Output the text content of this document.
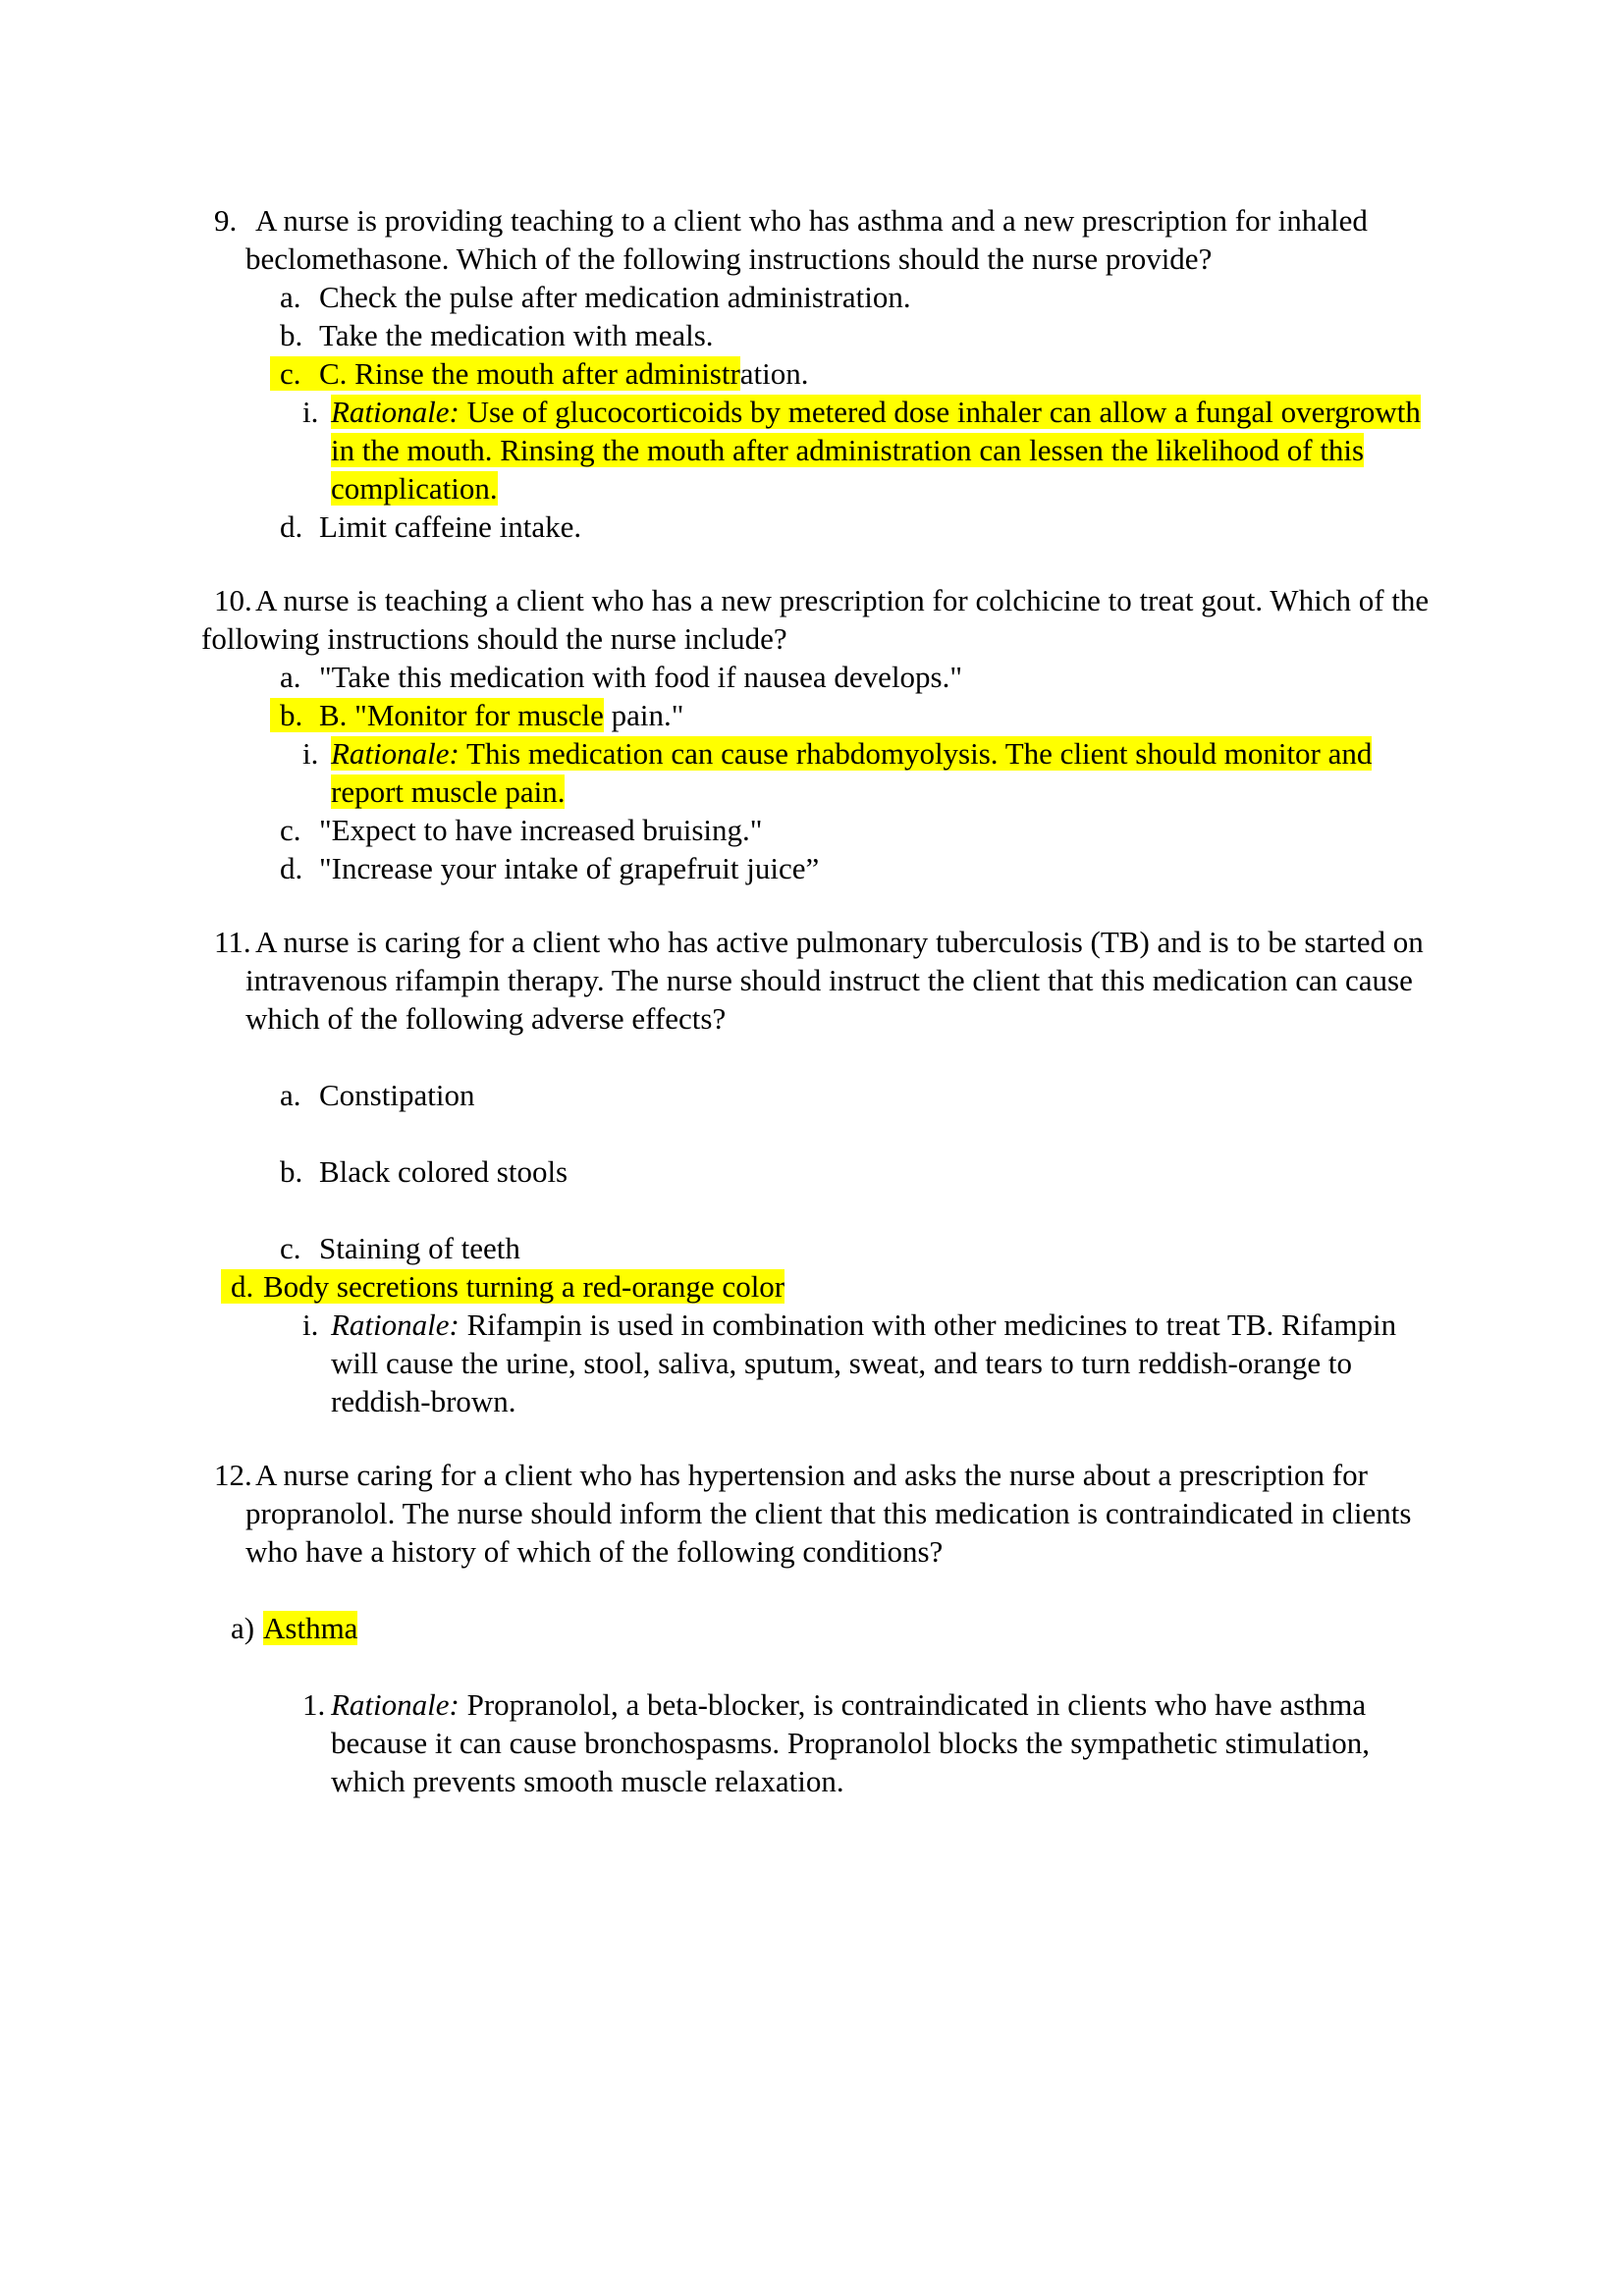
9. A nurse is providing teaching to a client who has asthma and a new prescription for inhaled beclomethasone. Which of the following instructions should the nurse provide?

a. Check the pulse after medication administration.

b. Take the medication with meals.

c. C. Rinse the mouth after administration.

i. Rationale: Use of glucocorticoids by metered dose inhaler can allow a fungal overgrowth in the mouth. Rinsing the mouth after administration can lessen the likelihood of this complication.

d. Limit caffeine intake.

10. A nurse is teaching a client who has a new prescription for colchicine to treat gout. Which of the following instructions should the nurse include?

a. "Take this medication with food if nausea develops."

b. B. "Monitor for muscle pain."

i. Rationale: This medication can cause rhabdomyolysis. The client should monitor and report muscle pain.

c. "Expect to have increased bruising."

d. "Increase your intake of grapefruit juice”

11. A nurse is caring for a client who has active pulmonary tuberculosis (TB) and is to be started on intravenous rifampin therapy. The nurse should instruct the client that this medication can cause which of the following adverse effects?

a. Constipation

b. Black colored stools

c. Staining of teeth

d. Body secretions turning a red-orange color

i. Rationale: Rifampin is used in combination with other medicines to treat TB. Rifampin will cause the urine, stool, saliva, sputum, sweat, and tears to turn reddish-orange to reddish-brown.

12. A nurse caring for a client who has hypertension and asks the nurse about a prescription for propranolol. The nurse should inform the client that this medication is contraindicated in clients who have a history of which of the following conditions?

a) Asthma

1. Rationale: Propranolol, a beta-blocker, is contraindicated in clients who have asthma because it can cause bronchospasms. Propranolol blocks the sympathetic stimulation, which prevents smooth muscle relaxation.
